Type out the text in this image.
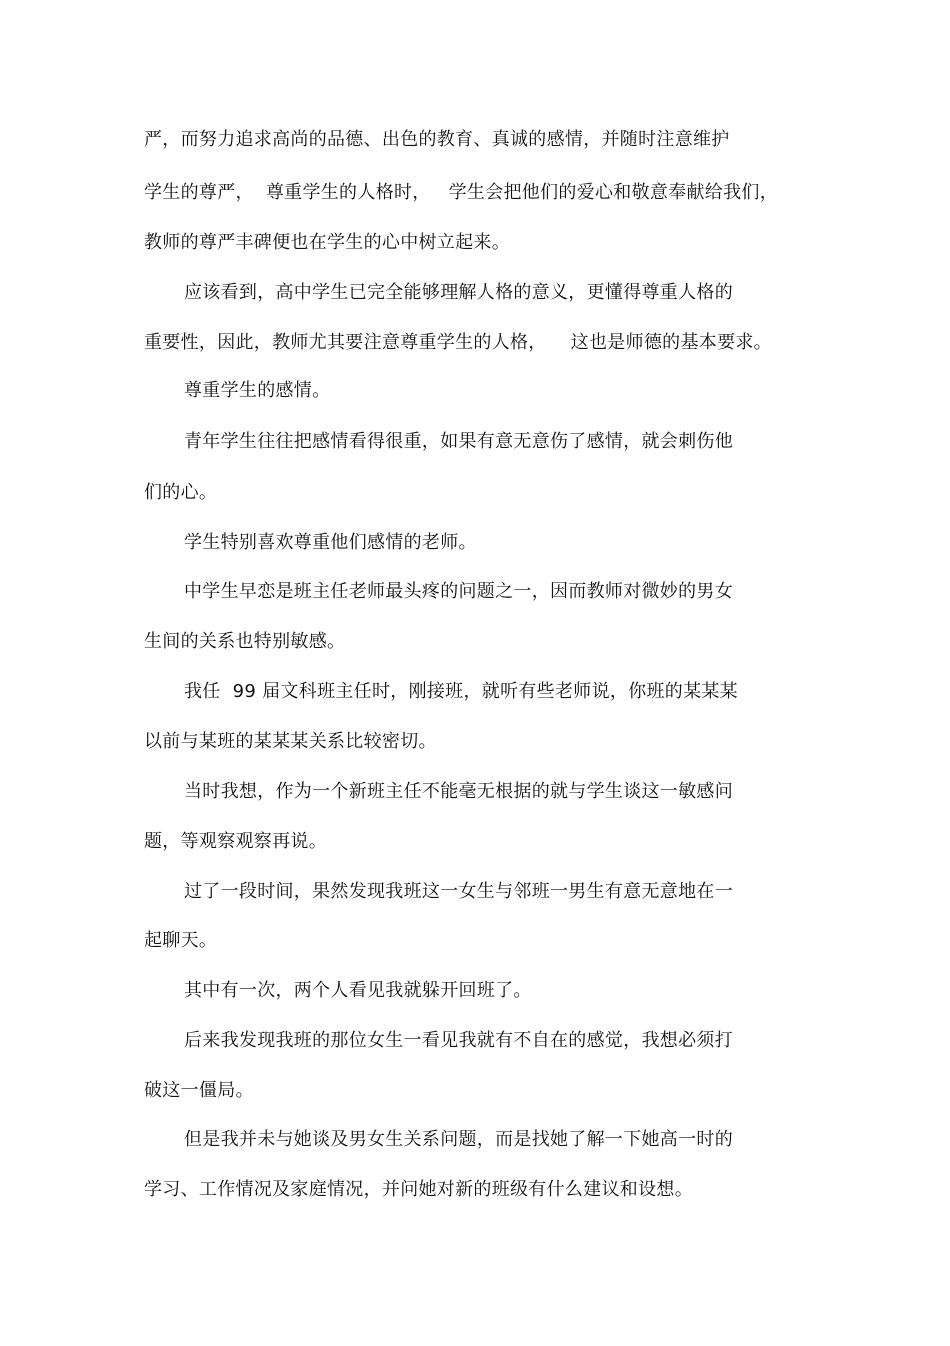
严，而努力追求高尚的品德、出色的教育、真诚的感情，并随时注意维护
学生的尊严，  尊重学生的人格时，   学生会把他们的爱心和敬意奉献给我们，
教师的尊严丰碑便也在学生的心中树立起来。
应该看到，高中学生已完全能够理解人格的意义，更懂得尊重人格的
重要性，因此，教师尤其要注意尊重学生的人格，    这也是师德的基本要求。
尊重学生的感情。
青年学生往往把感情看得很重，如果有意无意伤了感情，就会刺伤他
们的心。
学生特别喜欢尊重他们感情的老师。
中学生早恋是班主任老师最头疼的问题之一，因而教师对微妙的男女
生间的关系也特别敏感。
我任  99 届文科班主任时，刚接班，就听有些老师说，你班的某某某
以前与某班的某某某关系比较密切。
当时我想，作为一个新班主任不能毫无根据的就与学生谈这一敏感问
题，等观察观察再说。
过了一段时间，果然发现我班这一女生与邻班一男生有意无意地在一
起聊天。
其中有一次，两个人看见我就躲开回班了。
后来我发现我班的那位女生一看见我就有不自在的感觉，我想必须打
破这一僵局。
但是我并未与她谈及男女生关系问题，而是找她了解一下她高一时的
学习、工作情况及家庭情况，并问她对新的班级有什么建议和设想。
